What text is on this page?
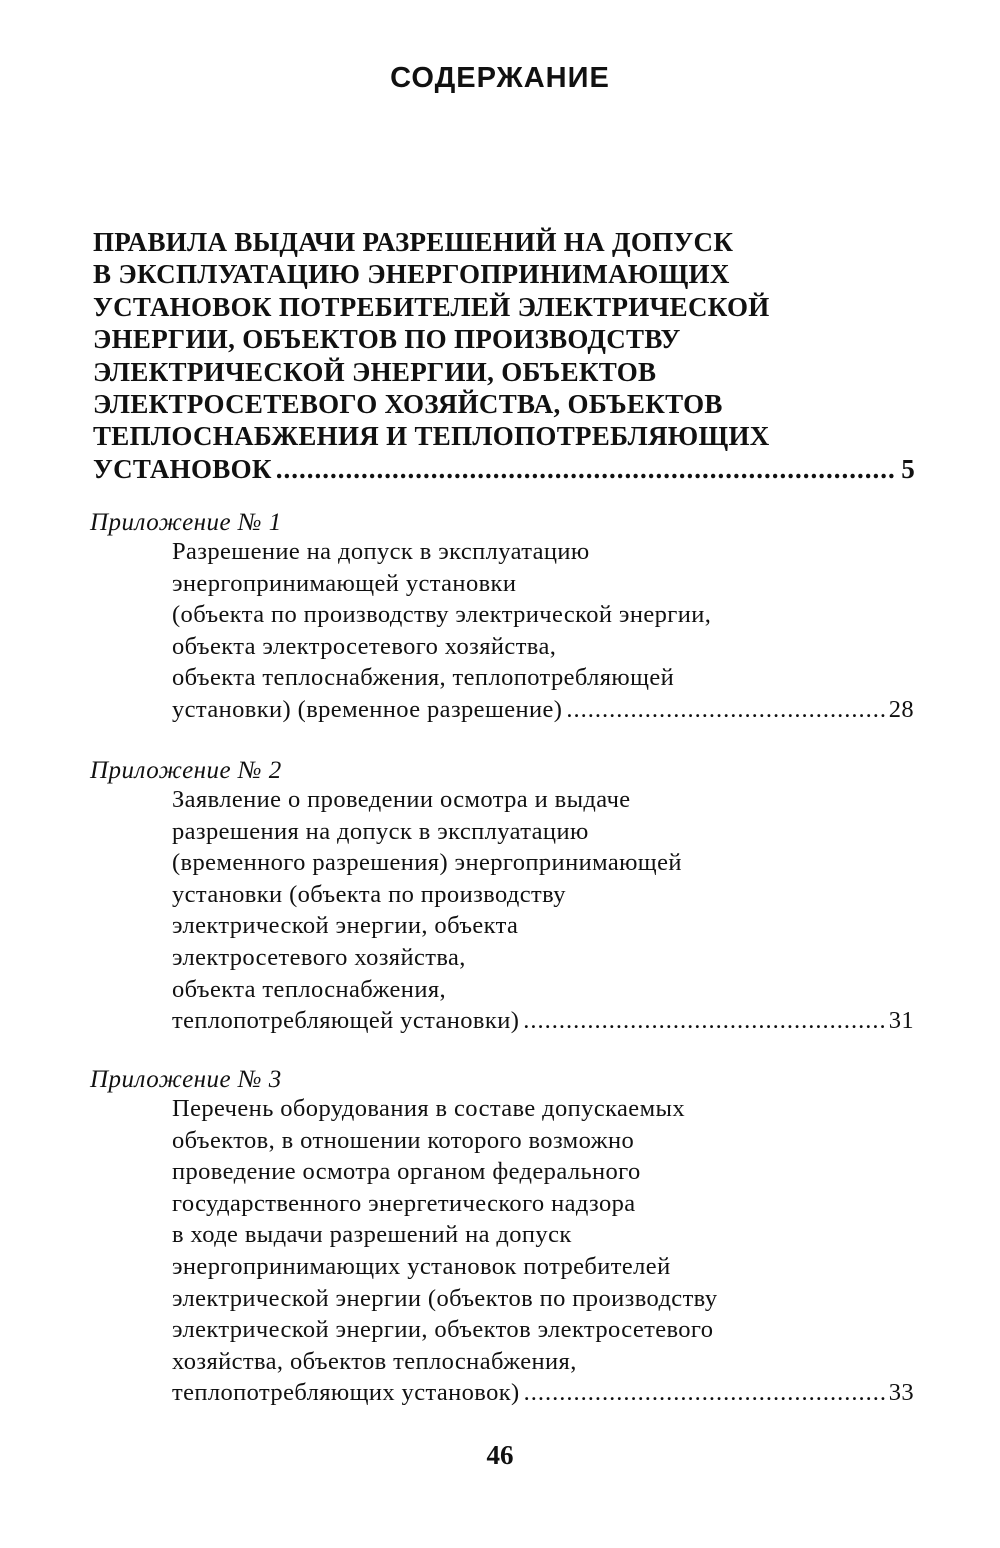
СОДЕРЖАНИЕ
ПРАВИЛА ВЫДАЧИ РАЗРЕШЕНИЙ НА ДОПУСК
В ЭКСПЛУАТАЦИЮ ЭНЕРГОПРИНИМАЮЩИХ
УСТАНОВОК ПОТРЕБИТЕЛЕЙ ЭЛЕКТРИЧЕСКОЙ
ЭНЕРГИИ, ОБЪЕКТОВ ПО ПРОИЗВОДСТВУ
ЭЛЕКТРИЧЕСКОЙ ЭНЕРГИИ, ОБЪЕКТОВ
ЭЛЕКТРОСЕТЕВОГО ХОЗЯЙСТВА, ОБЪЕКТОВ
ТЕПЛОСНАБЖЕНИЯ И ТЕПЛОПОТРЕБЛЯЮЩИХ
УСТАНОВОК .....	5
Приложение № 1
Разрешение на допуск в эксплуатацию
энергопринимающей установки
(объекта по производству электрической энергии,
объекта электросетевого хозяйства,
объекта теплоснабжения, теплопотребляющей
установки) (временное разрешение) .....	28
Приложение № 2
Заявление о проведении осмотра и выдаче
разрешения на допуск в эксплуатацию
(временного разрешения) энергопринимающей
установки (объекта по производству
электрической энергии, объекта
электросетевого хозяйства,
объекта теплоснабжения,
теплопотребляющей установки) .....	31
Приложение № 3
Перечень оборудования в составе допускаемых
объектов, в отношении которого возможно
проведение осмотра органом федерального
государственного энергетического надзора
в ходе выдачи разрешений на допуск
энергопринимающих установок потребителей
электрической энергии (объектов по производству
электрической энергии, объектов электросетевого
хозяйства, объектов теплоснабжения,
теплопотребляющих установок) .....	33
46
